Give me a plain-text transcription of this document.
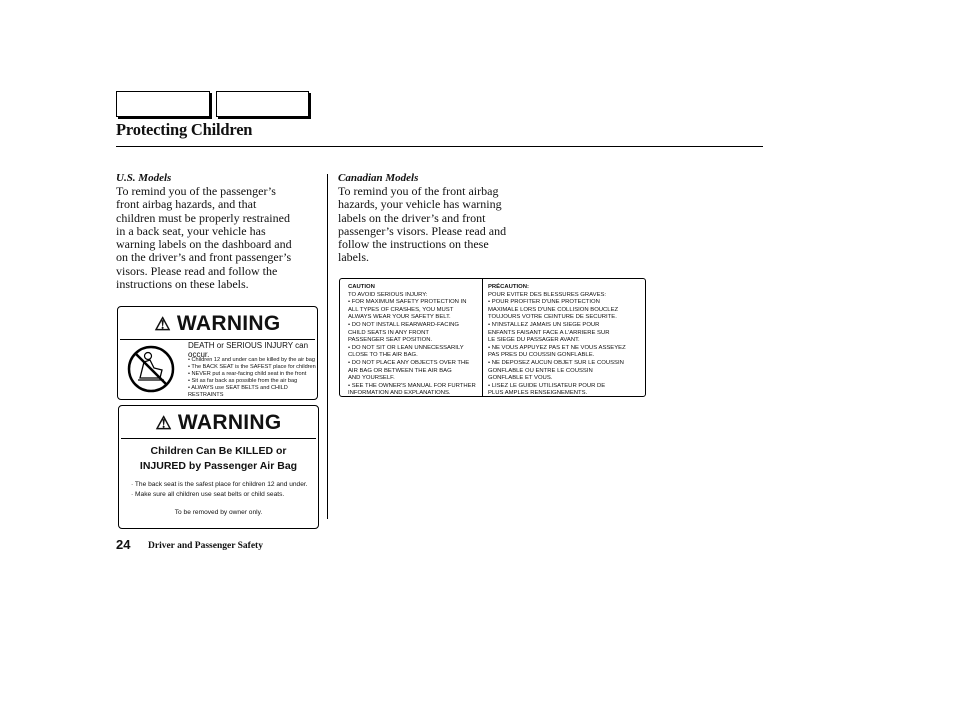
Protecting Children
U.S. Models
To remind you of the passenger’s
front airbag hazards, and that
children must be properly restrained
in a back seat, your vehicle has
warning labels on the dashboard and
on the driver’s and front passenger’s
visors. Please read and follow the
instructions on these labels.
Canadian Models
To remind you of the front airbag
hazards, your vehicle has warning
labels on the driver’s and front
passenger’s visors. Please read and
follow the instructions on these
labels.
⚠ WARNING
DEATH or SERIOUS INJURY can occur.
• Children 12 and under can be killed by the air bag
• The BACK SEAT is the SAFEST place for children
• NEVER put a rear-facing child seat in the front
• Sit as far back as possible from the air bag
• ALWAYS use SEAT BELTS and CHILD RESTRAINTS
⚠ WARNING
Children Can Be KILLED or
INJURED by Passenger Air Bag
· The back seat is the safest place for children 12 and under.
· Make sure all children use seat belts or child seats.
To be removed by owner only.
CAUTION
TO AVOID SERIOUS INJURY:
• FOR MAXIMUM SAFETY PROTECTION IN
ALL TYPES OF CRASHES, YOU MUST
ALWAYS WEAR YOUR SAFETY BELT.
• DO NOT INSTALL REARWARD-FACING
CHILD SEATS IN ANY FRONT
PASSENGER SEAT POSITION.
• DO NOT SIT OR LEAN UNNECESSARILY
CLOSE TO THE AIR BAG.
• DO NOT PLACE ANY OBJECTS OVER THE
AIR BAG OR BETWEEN THE AIR BAG
AND YOURSELF.
• SEE THE OWNER'S MANUAL FOR FURTHER
INFORMATION AND EXPLANATIONS.
PRÉCAUTION:
POUR EVITER DES BLESSURES GRAVES:
• POUR PROFITER D'UNE PROTECTION
MAXIMALE LORS D'UNE COLLISION BOUCLEZ
TOUJOURS VOTRE CEINTURE DE SECURITE.
• N'INSTALLEZ JAMAIS UN SIEGE POUR
ENFANTS FAISANT FACE A L'ARRIERE SUR
LE SIEGE DU PASSAGER AVANT.
• NE VOUS APPUYEZ PAS ET NE VOUS ASSEYEZ
PAS PRES DU COUSSIN GONFLABLE.
• NE DEPOSEZ AUCUN OBJET SUR LE COUSSIN
GONFLABLE OU ENTRE LE COUSSIN
GONFLABLE ET VOUS.
• LISEZ LE GUIDE UTILISATEUR POUR DE
PLUS AMPLES RENSEIGNEMENTS.
24 Driver and Passenger Safety
